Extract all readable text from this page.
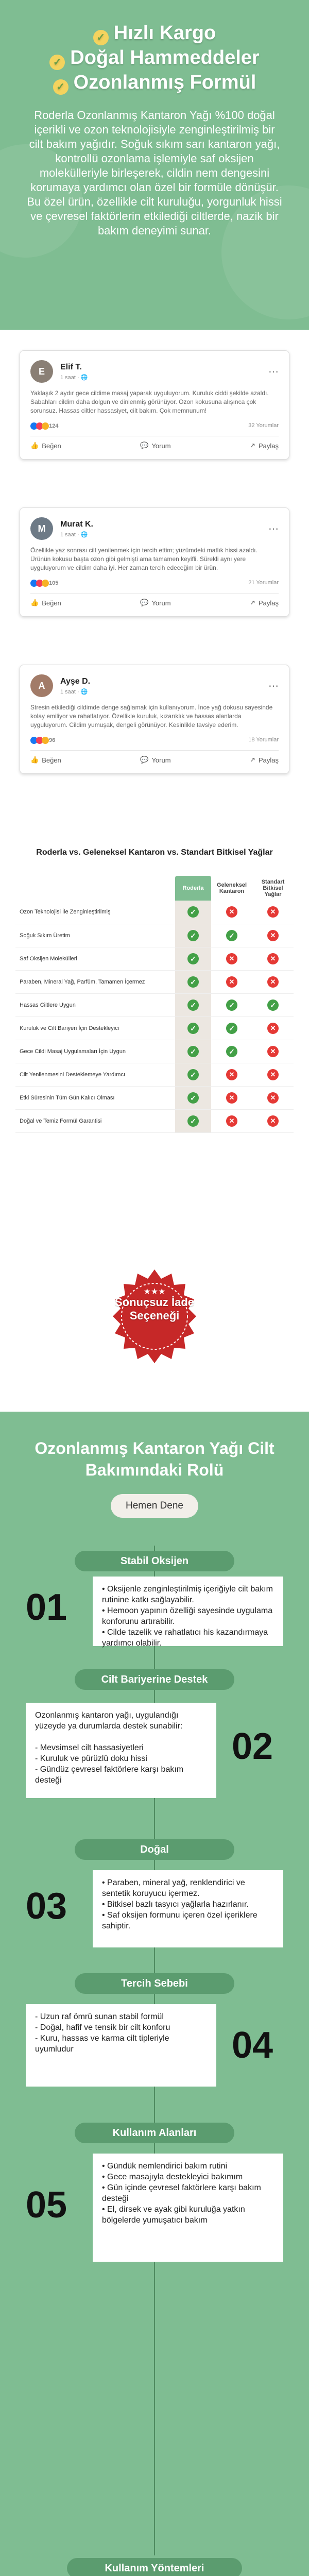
✓ Hızlı Kargo
✓ Doğal Hammeddeler
✓ Ozonlanmış Formül

Roderla Ozonlanmış Kantaron Yağı %100 doğal içerikli ve ozon teknolojisiyle zenginleştirilmiş bir cilt bakım yağıdır. Soğuk sıkım sarı kantaron yağı, kontrollü ozonlama işlemiyle saf oksijen molekülleriyle birleşerek, cildin nem dengesini korumaya yardımcı olan özel bir formüle dönüşür. Bu özel ürün, özellikle cilt kuruluğu, yorgunluk hissi ve çevresel faktörlerin etkilediği ciltlerde, nazik bir bakım deneyimi sunar.

E	Elif T.
1 saat · 🌐	⋯

Yaklaşık 2 aydır gece cildime masaj yaparak uyguluyorum. Kuruluk ciddi şekilde azaldı. Sabahları cildim daha dolgun ve dinlenmiş görünüyor. Ozon kokusuna alışınca çok sorunsuz. Hassas ciltler hassasiyet, cilt bakım. Çok memnunum!

124	32 Yorumlar
👍 Beğen	💬 Yorum	↗ Paylaş
M	Murat K.
1 saat · 🌐	⋯

Özellikle yaz sonrası cilt yenilenmek için tercih ettim; yüzümdeki matlık hissi azaldı. Ürünün kokusu başta ozon gibi gelmişti ama tamamen keyifli. Sürekli aynı yere uyguluyorum ve cildim daha iyi. Her zaman tercih edeceğim bir ürün.

105	21 Yorumlar
👍 Beğen	💬 Yorum	↗ Paylaş
A	Ayşe D.
1 saat · 🌐	⋯

Stresin etkilediği cildimde denge sağlamak için kullanıyorum. İnce yağ dokusu sayesinde kolay emiliyor ve rahatlatıyor. Özellikle kuruluk, kızarıklık ve hassas alanlarda uyguluyorum. Cildim yumuşak, dengeli görünüyor. Kesinlikle tavsiye ederim.

96	18 Yorumlar
👍 Beğen	💬 Yorum	↗ Paylaş
Roderla vs. Geleneksel Kantaron vs. Standart Bitkisel Yağlar
	Roderla	Geleneksel Kantaron	Standart Bitkisel Yağlar
Ozon Teknolojisi İle Zenginleştirilmiş	✓	✕	✕
Soğuk Sıkım Üretim	✓	✓	✕
Saf Oksijen Molekülleri	✓	✕	✕
Paraben, Mineral Yağ, Parfüm, Tamamen İçermez	✓	✕	✕
Hassas Ciltlere Uygun	✓	✓	✓
Kuruluk ve Cilt Bariyeri İçin Destekleyici	✓	✓	✕
Gece Cildi Masaj Uygulamaları İçin Uygun	✓	✓	✕
Cilt Yenilenmesini Desteklemeye Yardımcı	✓	✕	✕
Etki Süresinin Tüm Gün Kalıcı Olması	✓	✕	✕
Doğal ve Temiz Formül Garantisi	✓	✕	✕
★★★
Sonuçsuz İade Seçeneği
Ozonlanmış Kantaron Yağı Cilt Bakımındaki Rolü
Hemen Dene
Stabil Oksijen
01	• Oksijenle zenginleştirilmiş içeriğiyle cilt bakım rutinine katkı sağlayabilir.
• Hemoon yapının özelliği sayesinde uygulama konforunu artırabilir.
• Cilde tazelik ve rahatlatıcı his kazandırmaya yardımcı olabilir.
Cilt Bariyerine Destek
Ozonlanmış kantaron yağı, uygulandığı yüzeyde ya durumlarda destek sunabilir:

- Mevsimsel cilt hassasiyetleri
- Kuruluk ve pürüzlü doku hissi
- Gündüz çevresel faktörlere karşı bakım desteği
02
Doğal
03
• Paraben, mineral yağ, renklendirici ve sentetik koruyucu içermez.
• Bitkisel bazlı tasyıcı yağlarla hazırlanır.
• Saf oksijen formunu içeren özel içeriklere sahiptir.
Tercih Sebebi
- Uzun raf ömrü sunan stabil formül
- Doğal, hafif ve tensik bir cilt konforu
- Kuru, hassas ve karma cilt tipleriyle uyumludur	04
Kullanım Alanları
05
• Gündük nemlendirici bakım rutini
• Gece masajıyla destekleyici bakımım
• Gün içinde çevresel faktörlere karşı bakım desteği
• El, dirsek ve ayak gibi kuruluğa yatkın bölgelerde yumuşatıcı bakım
Kullanım Yöntemleri
